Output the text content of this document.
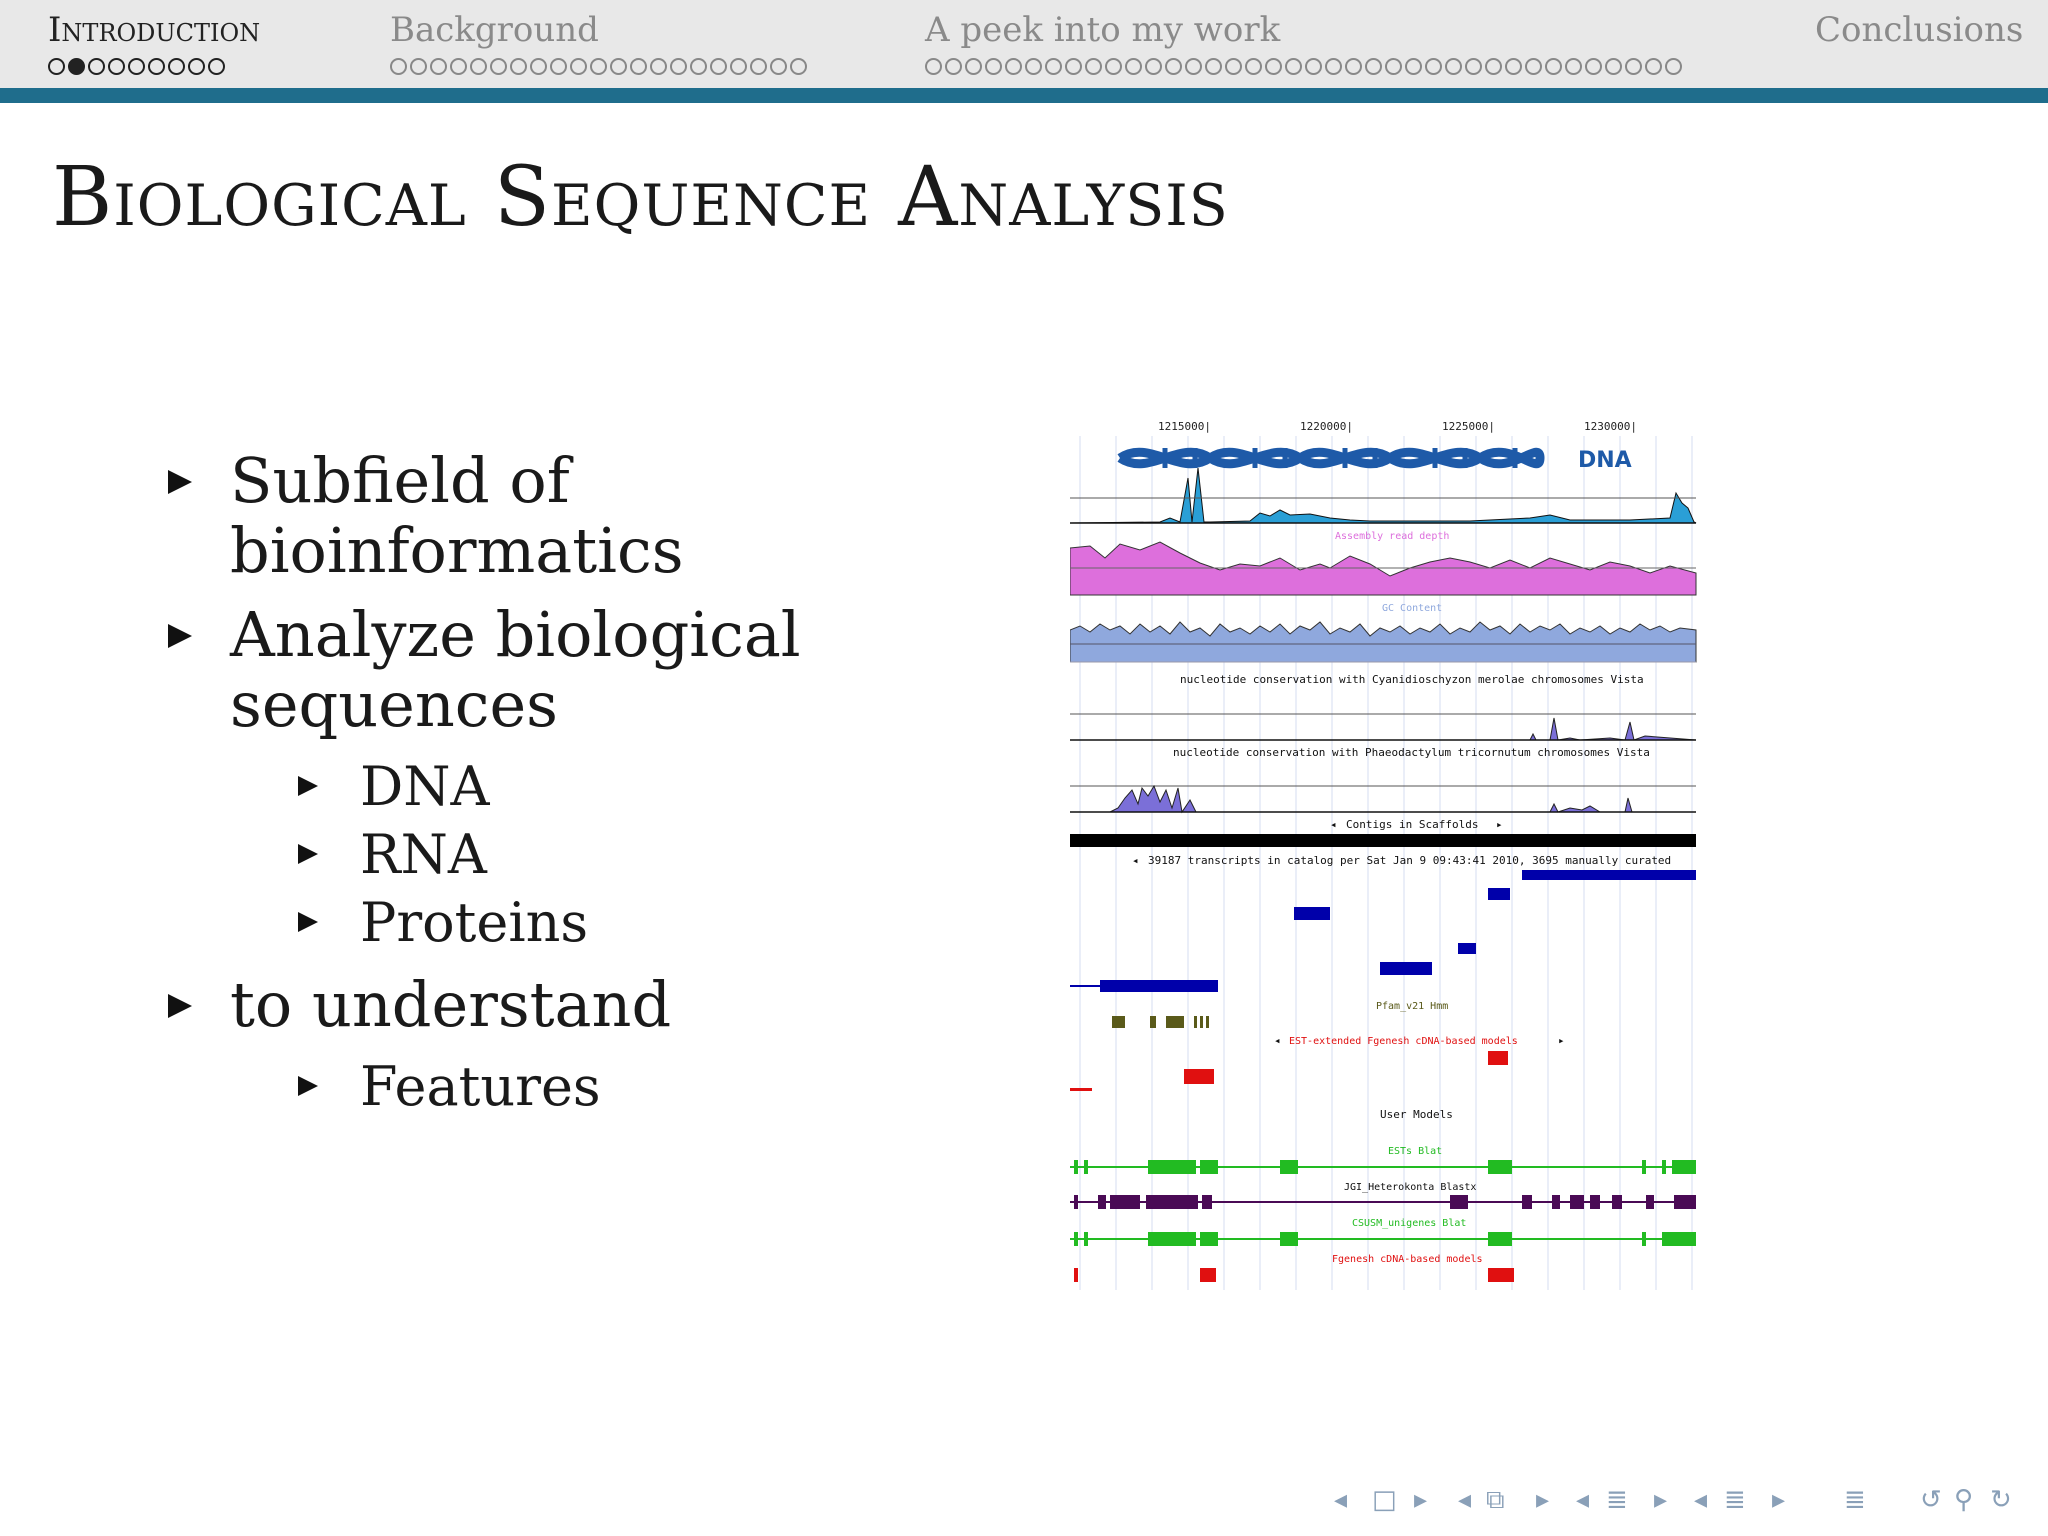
Introduction	Background	A peek into my work	Conclusions
Biological Sequence Analysis
Subfield of bioinformatics
Analyze biological
sequences
DNA
RNA
Proteins
to understand
Features
1215000|	1220000|	1225000|	1230000|
DNA
Assembly read depth
GC Content
nucleotide conservation with Cyanidioschyzon merolae chromosomes Vista
nucleotide conservation with Phaeodactylum tricornutum chromosomes Vista
◂ Contigs in Scaffolds ▸
◂ 39187 transcripts in catalog per Sat Jan 9 09:43:41 2010, 3695 manually curated
Pfam_v21 Hmm
◂ EST-extended Fgenesh cDNA-based models	▸
User Models
ESTs Blat
JGI_Heterokonta Blastx
CSUSM_unigenes Blat
Fgenesh cDNA-based models
◂ □ ▸ ◂ ⧉ ▸ ◂ ≣ ▸ ◂ ≣ ▸ ≣ ↺ ⚲ ↻
